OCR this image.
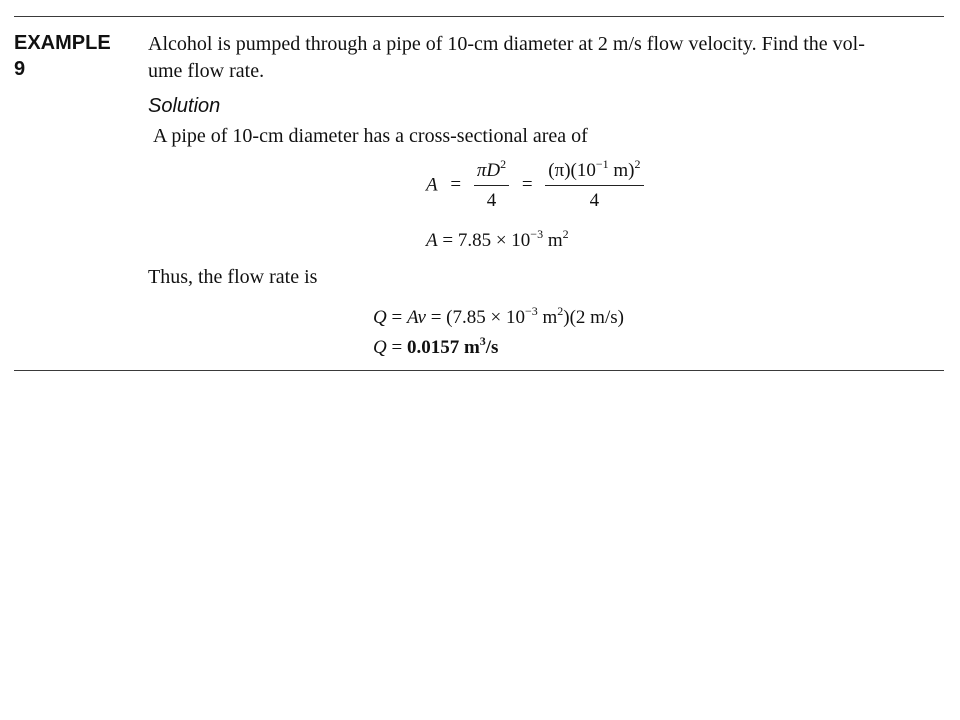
EXAMPLE
9
Alcohol is pumped through a pipe of 10-cm diameter at 2 m/s flow velocity. Find the vol-
ume flow rate.
Solution
A pipe of 10-cm diameter has a cross-sectional area of
$A = \frac{\pi D^2}{4} = \frac{(\pi)(10^{-1} m)^2}{4}$
$A = 7.85 \times 10^{-3}$ $m^2$
Thus, the flow rate is
$Q = Av = (7.85 \times 10^{-3}$ $m^2)(2$ m/s)
Q = 0.0157 $m^3/s$
